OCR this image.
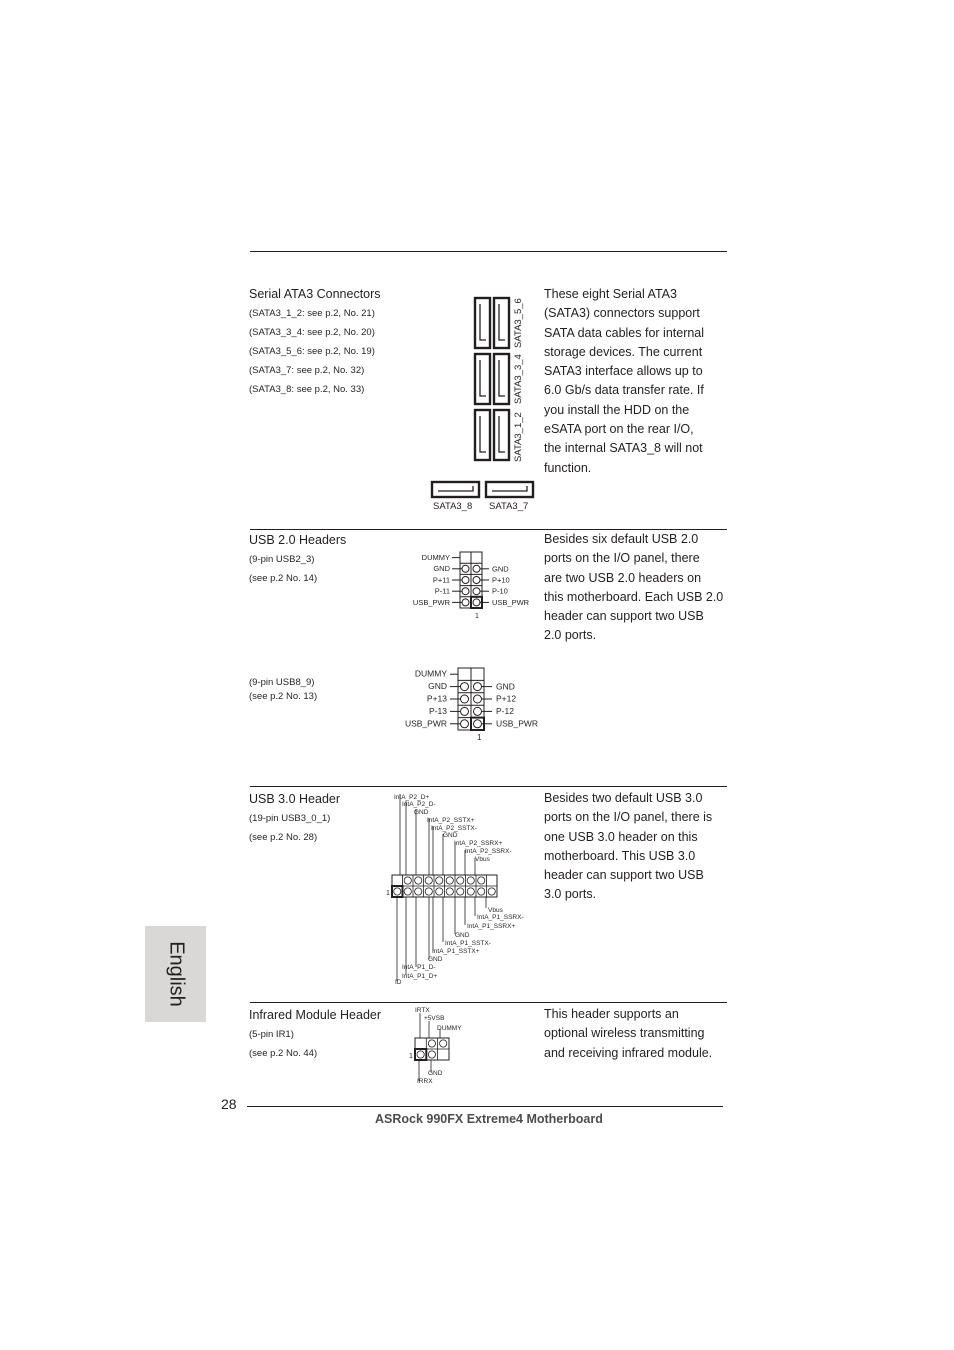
Serial ATA3 Connectors
(SATA3_1_2: see p.2, No. 21)
(SATA3_3_4: see p.2, No. 20)
(SATA3_5_6: see p.2, No. 19)
(SATA3_7: see p.2, No. 32)
(SATA3_8: see p.2, No. 33)
SATA3_5_6
SATA3_3_4
SATA3_1_2
SATA3_8 SATA3_7

These eight Serial ATA3

(SATA3) connectors support

SATA data cables for internal

storage devices. The current

SATA3 interface allows up to

6.0 Gb/s data transfer rate. If

you install the HDD on the

eSATA port on the rear I/O,

the internal SATA3_8 will not

function.

USB 2.0 Headers
(9-pin USB2_3)
(see p.2 No. 14)
DUMMY
GND
P+11
P-11
USB_PWR
GND
P+10
P-10
USB_PWR
1
(9-pin USB8_9)
(see p.2 No. 13)
DUMMY
GND
P+13
P-13
USB_PWR
GND
P+12
P-12
USB_PWR
1

Besides six default USB 2.0

ports on the I/O panel, there

are two USB 2.0 headers on

this motherboard. Each USB 2.0

header can support two USB

2.0 ports.

USB 3.0 Header
(19-pin USB3_0_1)
(see p.2 No. 28)
IntA_P2_D+
IntA_P2_D-
GND
IntA_P2_SSTX+
IntA_P2_SSTX-
GND
IntA_P2_SSRX+
IntA_P2_SSRX-
Vbus
Vbus
IntA_P1_SSRX-
IntA_P1_SSRX+
GND
IntA_P1_SSTX-
IntA_P1_SSTX+
GND
IntA_P1_D-
IntA_P1_D+
ID
1

Besides two default USB 3.0

ports on the I/O panel, there is

one USB 3.0 header on this

motherboard. This USB 3.0

header can support two USB

3.0 ports.

Infrared Module Header
(5-pin IR1)
(see p.2 No. 44)
IRTX
+5VSB
DUMMY
GND
IRRX
1

This header supports an

optional wireless transmitting

and receiving infrared module.

English
28
ASRock 990FX Extreme4 Motherboard
